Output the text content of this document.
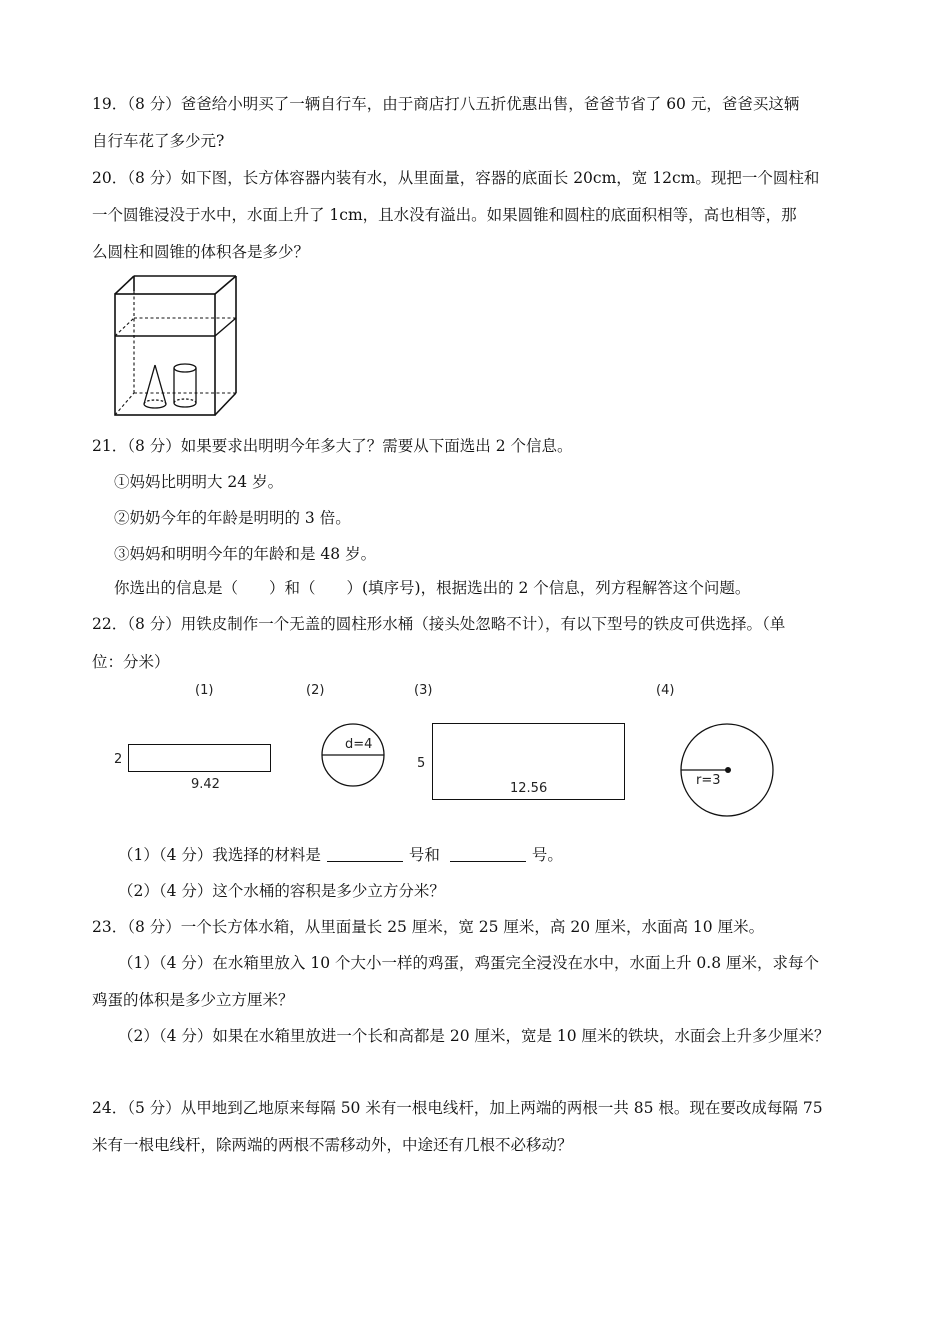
19．（8 分）爸爸给小明买了一辆自行车，由于商店打八五折优惠出售，爸爸节省了 60 元，爸爸买这辆
自行车花了多少元?
20．（8 分）如下图，长方体容器内装有水，从里面量，容器的底面长 20cm，宽 12cm。现把一个圆柱和
一个圆锥浸没于水中，水面上升了 1cm，且水没有溢出。如果圆锥和圆柱的底面积相等，高也相等，那
么圆柱和圆锥的体积各是多少？
21．（8 分）如果要求出明明今年多大了？需要从下面选出 2 个信息。
①妈妈比明明大 24 岁。
②奶奶今年的年龄是明明的 3 倍。
③妈妈和明明今年的年龄和是 48 岁。
你选出的信息是（　　）和（　　）(填序号)，根据选出的 2 个信息，列方程解答这个问题。
22．（8 分）用铁皮制作一个无盖的圆柱形水桶（接头处忽略不计），有以下型号的铁皮可供选择。（单
位：分米）
(1)	(2)	(3)	(4)
2
9.42
d=4
5
12.56
r=3
（1）（4 分）我选择的材料是	号和	号。
（2）（4 分）这个水桶的容积是多少立方分米？
23．（8 分）一个长方体水箱，从里面量长 25 厘米，宽 25 厘米，高 20 厘米，水面高 10 厘米。
（1）（4 分）在水箱里放入 10 个大小一样的鸡蛋，鸡蛋完全浸没在水中，水面上升 0.8 厘米，求每个
鸡蛋的体积是多少立方厘米？
（2）（4 分）如果在水箱里放进一个长和高都是 20 厘米，宽是 10 厘米的铁块，水面会上升多少厘米？
24．（5 分）从甲地到乙地原来每隔 50 米有一根电线杆，加上两端的两根一共 85 根。现在要改成每隔 75
米有一根电线杆，除两端的两根不需移动外，中途还有几根不必移动？
